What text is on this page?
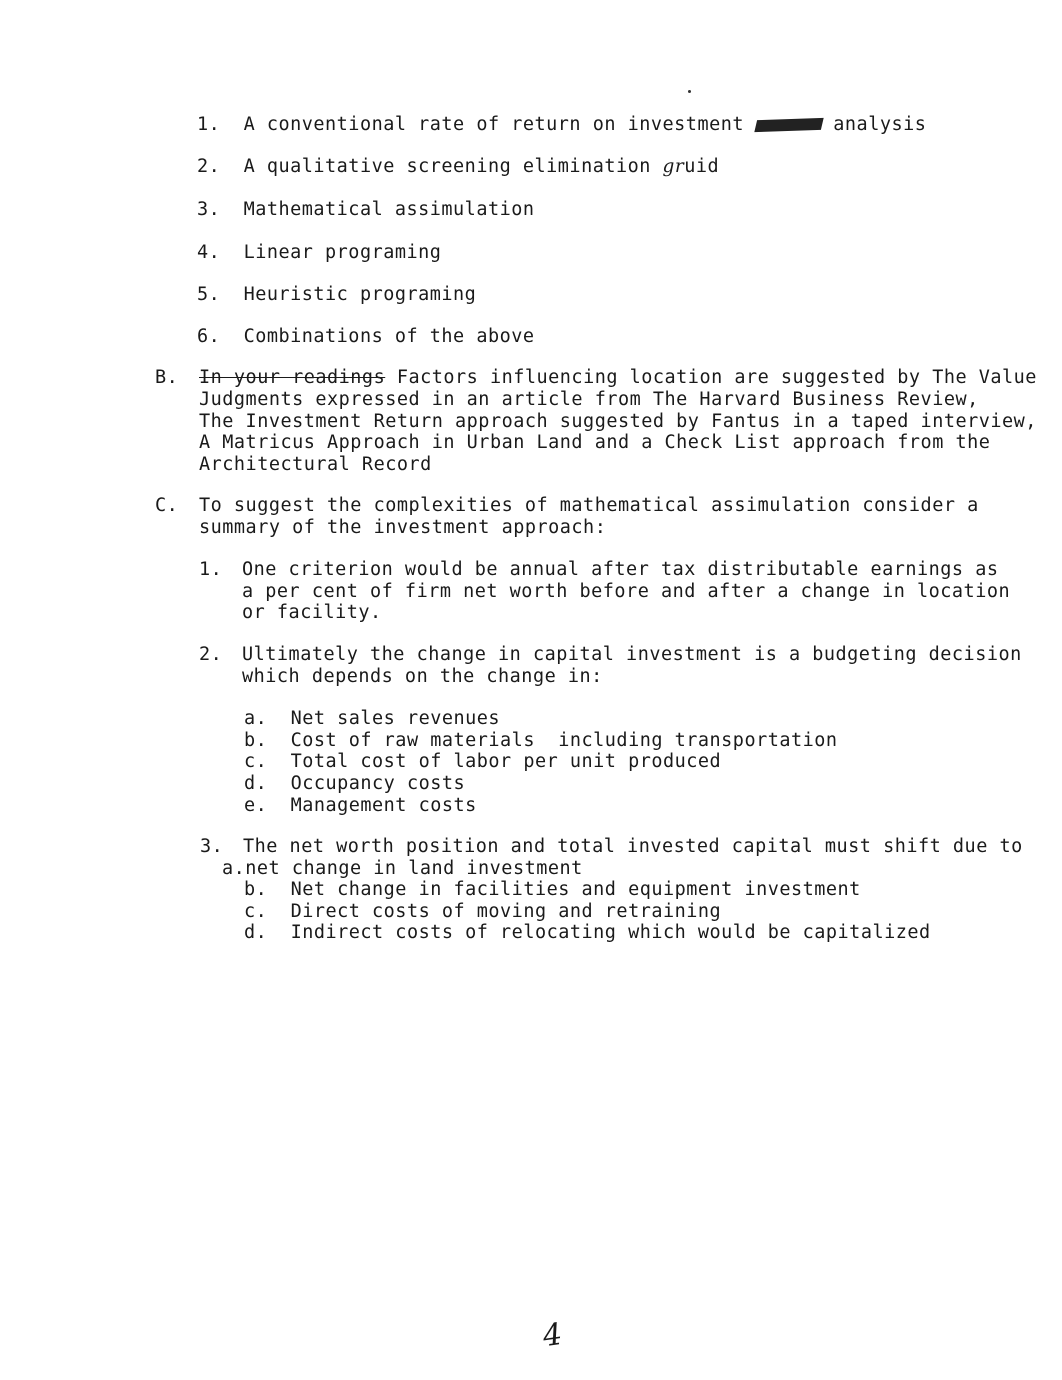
1. A conventional rate of return on investment	analysis
2. A qualitative screening elimination gruid
3. Mathematical assimulation
4. Linear programing
5. Heuristic programing
6. Combinations of the above
B. In your readings Factors influencing location are suggested by The Value
Judgments expressed in an article from The Harvard Business Review,
The Investment Return approach suggested by Fantus in a taped interview,
A Matricus Approach in Urban Land and a Check List approach from the
Architectural Record
C. To suggest the complexities of mathematical assimulation consider a
summary of the investment approach:
1. One criterion would be annual after tax distributable earnings as
a per cent of firm net worth before and after a change in location
or facility.
2. Ultimately the change in capital investment is a budgeting decision
which depends on the change in:
a. Net sales revenues
b. Cost of raw materials  including transportation
c. Total cost of labor per unit produced
d. Occupancy costs
e. Management costs
3. The net worth position and total invested capital must shift due to
a.net change in land investment
b. Net change in facilities and equipment investment
c. Direct costs of moving and retraining
d. Indirect costs of relocating which would be capitalized
4
